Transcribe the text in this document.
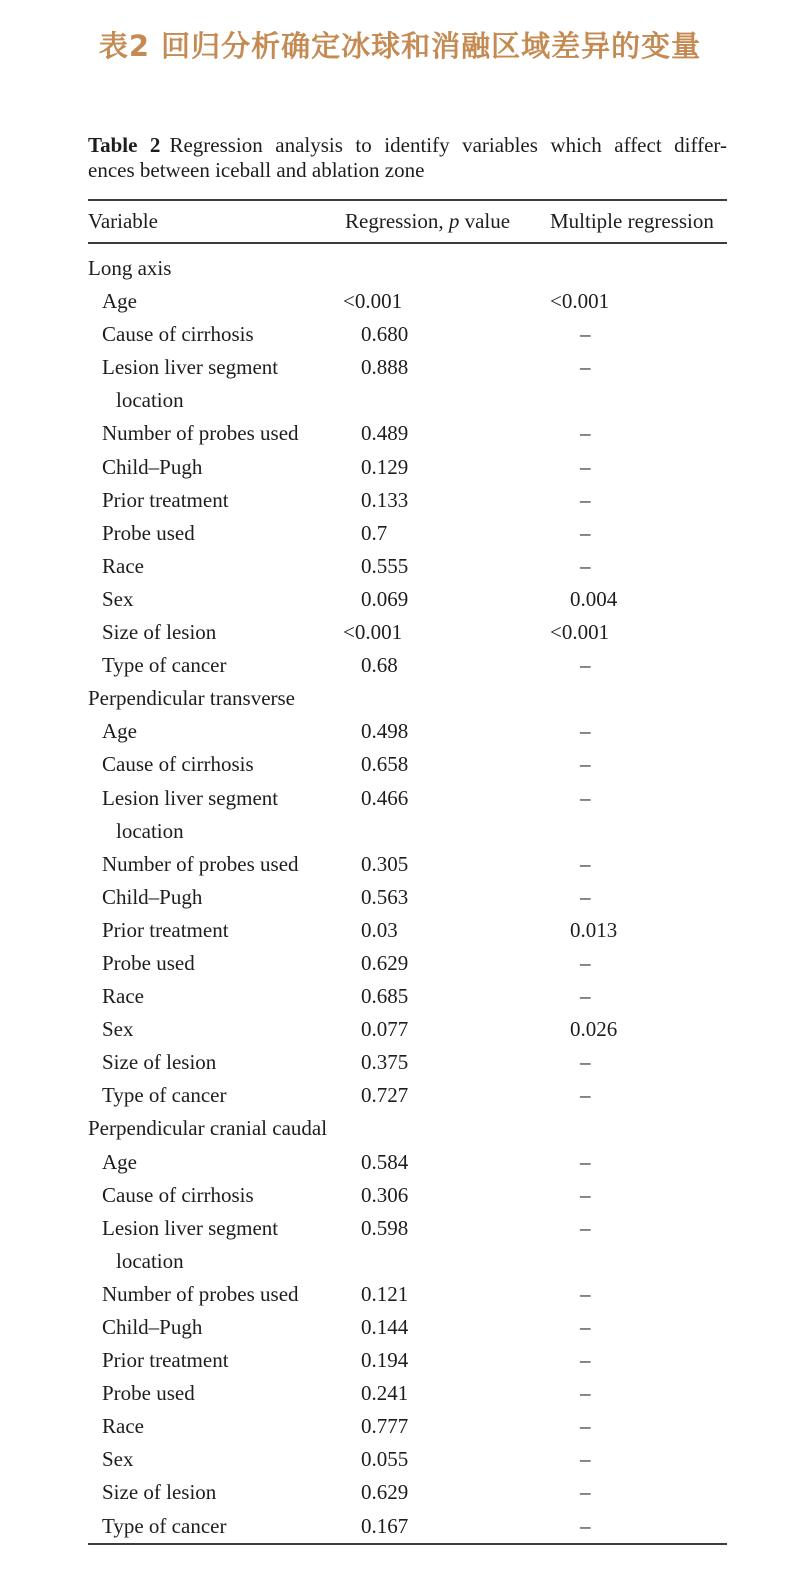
表2 回归分析确定冰球和消融区域差异的变量
Table 2 Regression analysis to identify variables which affect differ-
ences between iceball and ablation zone
Variable	Regression, p value Multiple regression
Long axis
Age	<0.001	<0.001
Cause of cirrhosis	0.680	–
Lesion liver segment
location
0.888	–
Number of probes used	0.489	–
Child–Pugh	0.129	–
Prior treatment	0.133	–
Probe used	0.7	–
Race	0.555	–
Sex	0.069	0.004
Size of lesion	<0.001	<0.001
Type of cancer	0.68	–
Perpendicular transverse
Age	0.498	–
Cause of cirrhosis	0.658	–
Lesion liver segment
location
0.466	–
Number of probes used	0.305	–
Child–Pugh	0.563	–
Prior treatment	0.03	0.013
Probe used	0.629	–
Race	0.685	–
Sex	0.077	0.026
Size of lesion	0.375	–
Type of cancer	0.727	–
Perpendicular cranial caudal
Age	0.584	–
Cause of cirrhosis	0.306	–
Lesion liver segment
location
0.598	–
Number of probes used	0.121	–
Child–Pugh	0.144	–
Prior treatment	0.194	–
Probe used	0.241	–
Race	0.777	–
Sex	0.055	–
Size of lesion	0.629	–
Type of cancer	0.167	–
